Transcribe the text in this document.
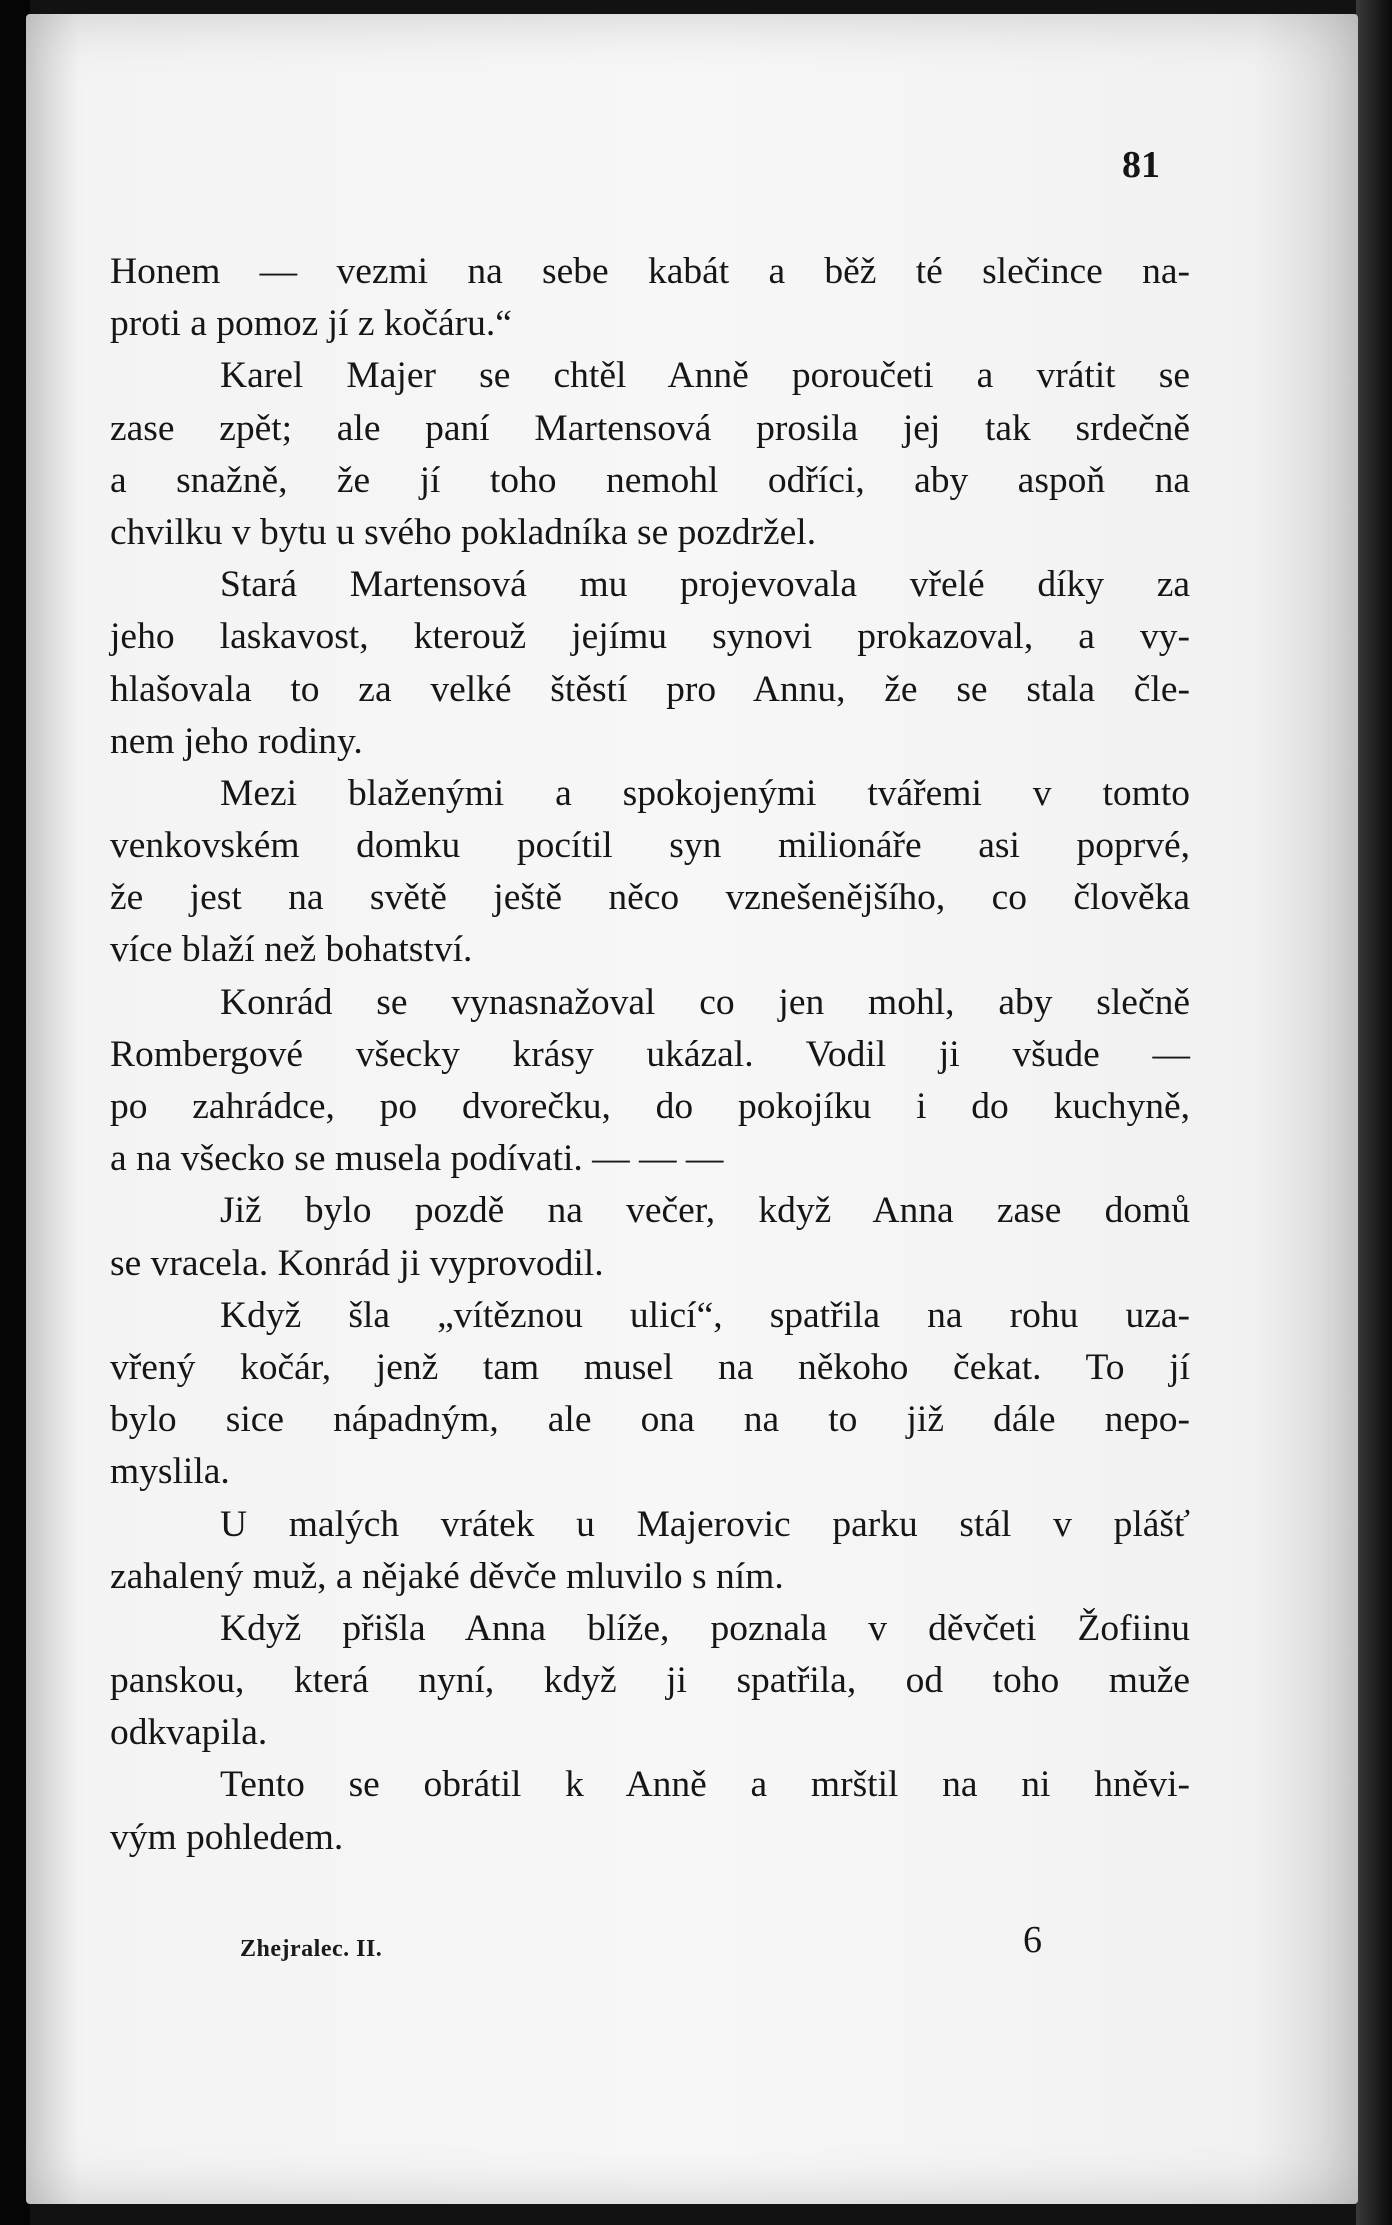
81
Honem — vezmi na sebe kabát a běž té slečince na-
proti a pomoz jí z kočáru.“
Karel Majer se chtěl Anně poroučeti a vrátit se
zase zpět; ale paní Martensová prosila jej tak srdečně
a snažně, že jí toho nemohl odříci, aby aspoň na
chvilku v bytu u svého pokladníka se pozdržel.
Stará Martensová mu projevovala vřelé díky za
jeho laskavost, kterouž jejímu synovi prokazoval, a vy-
hlašovala to za velké štěstí pro Annu, že se stala čle-
nem jeho rodiny.
Mezi blaženými a spokojenými tvářemi v tomto
venkovském domku pocítil syn milionáře asi poprvé,
že jest na světě ještě něco vznešenějšího, co člověka
více blaží než bohatství.
Konrád se vynasnažoval co jen mohl, aby slečně
Rombergové všecky krásy ukázal. Vodil ji všude —
po zahrádce, po dvorečku, do pokojíku i do kuchyně,
a na všecko se musela podívati. — — —
Již bylo pozdě na večer, když Anna zase domů
se vracela. Konrád ji vyprovodil.
Když šla „vítěznou ulicí“, spatřila na rohu uza-
vřený kočár, jenž tam musel na někoho čekat. To jí
bylo sice nápadným, ale ona na to již dále nepo-
myslila.
U malých vrátek u Majerovic parku stál v plášť
zahalený muž, a nějaké děvče mluvilo s ním.
Když přišla Anna blíže, poznala v děvčeti Žofiinu
panskou, která nyní, když ji spatřila, od toho muže
odkvapila.
Tento se obrátil k Anně a mrštil na ni hněvi-
vým pohledem.
Zhejralec. II.	6
